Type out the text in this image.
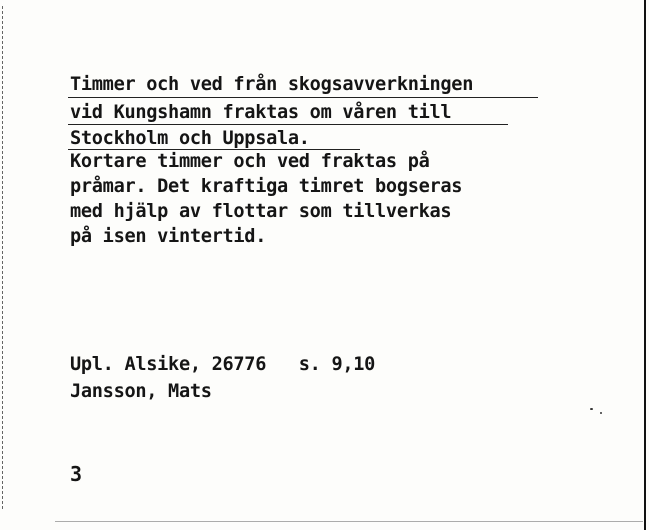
Timmer och ved från skogsavverkningen
vid Kungshamn fraktas om våren till
Stockholm och Uppsala.
Kortare timmer och ved fraktas på
pråmar. Det kraftiga timret bogseras
med hjälp av flottar som tillverkas
på isen vintertid.
Upl. Alsike, 26776   s. 9,10
Jansson, Mats
3
